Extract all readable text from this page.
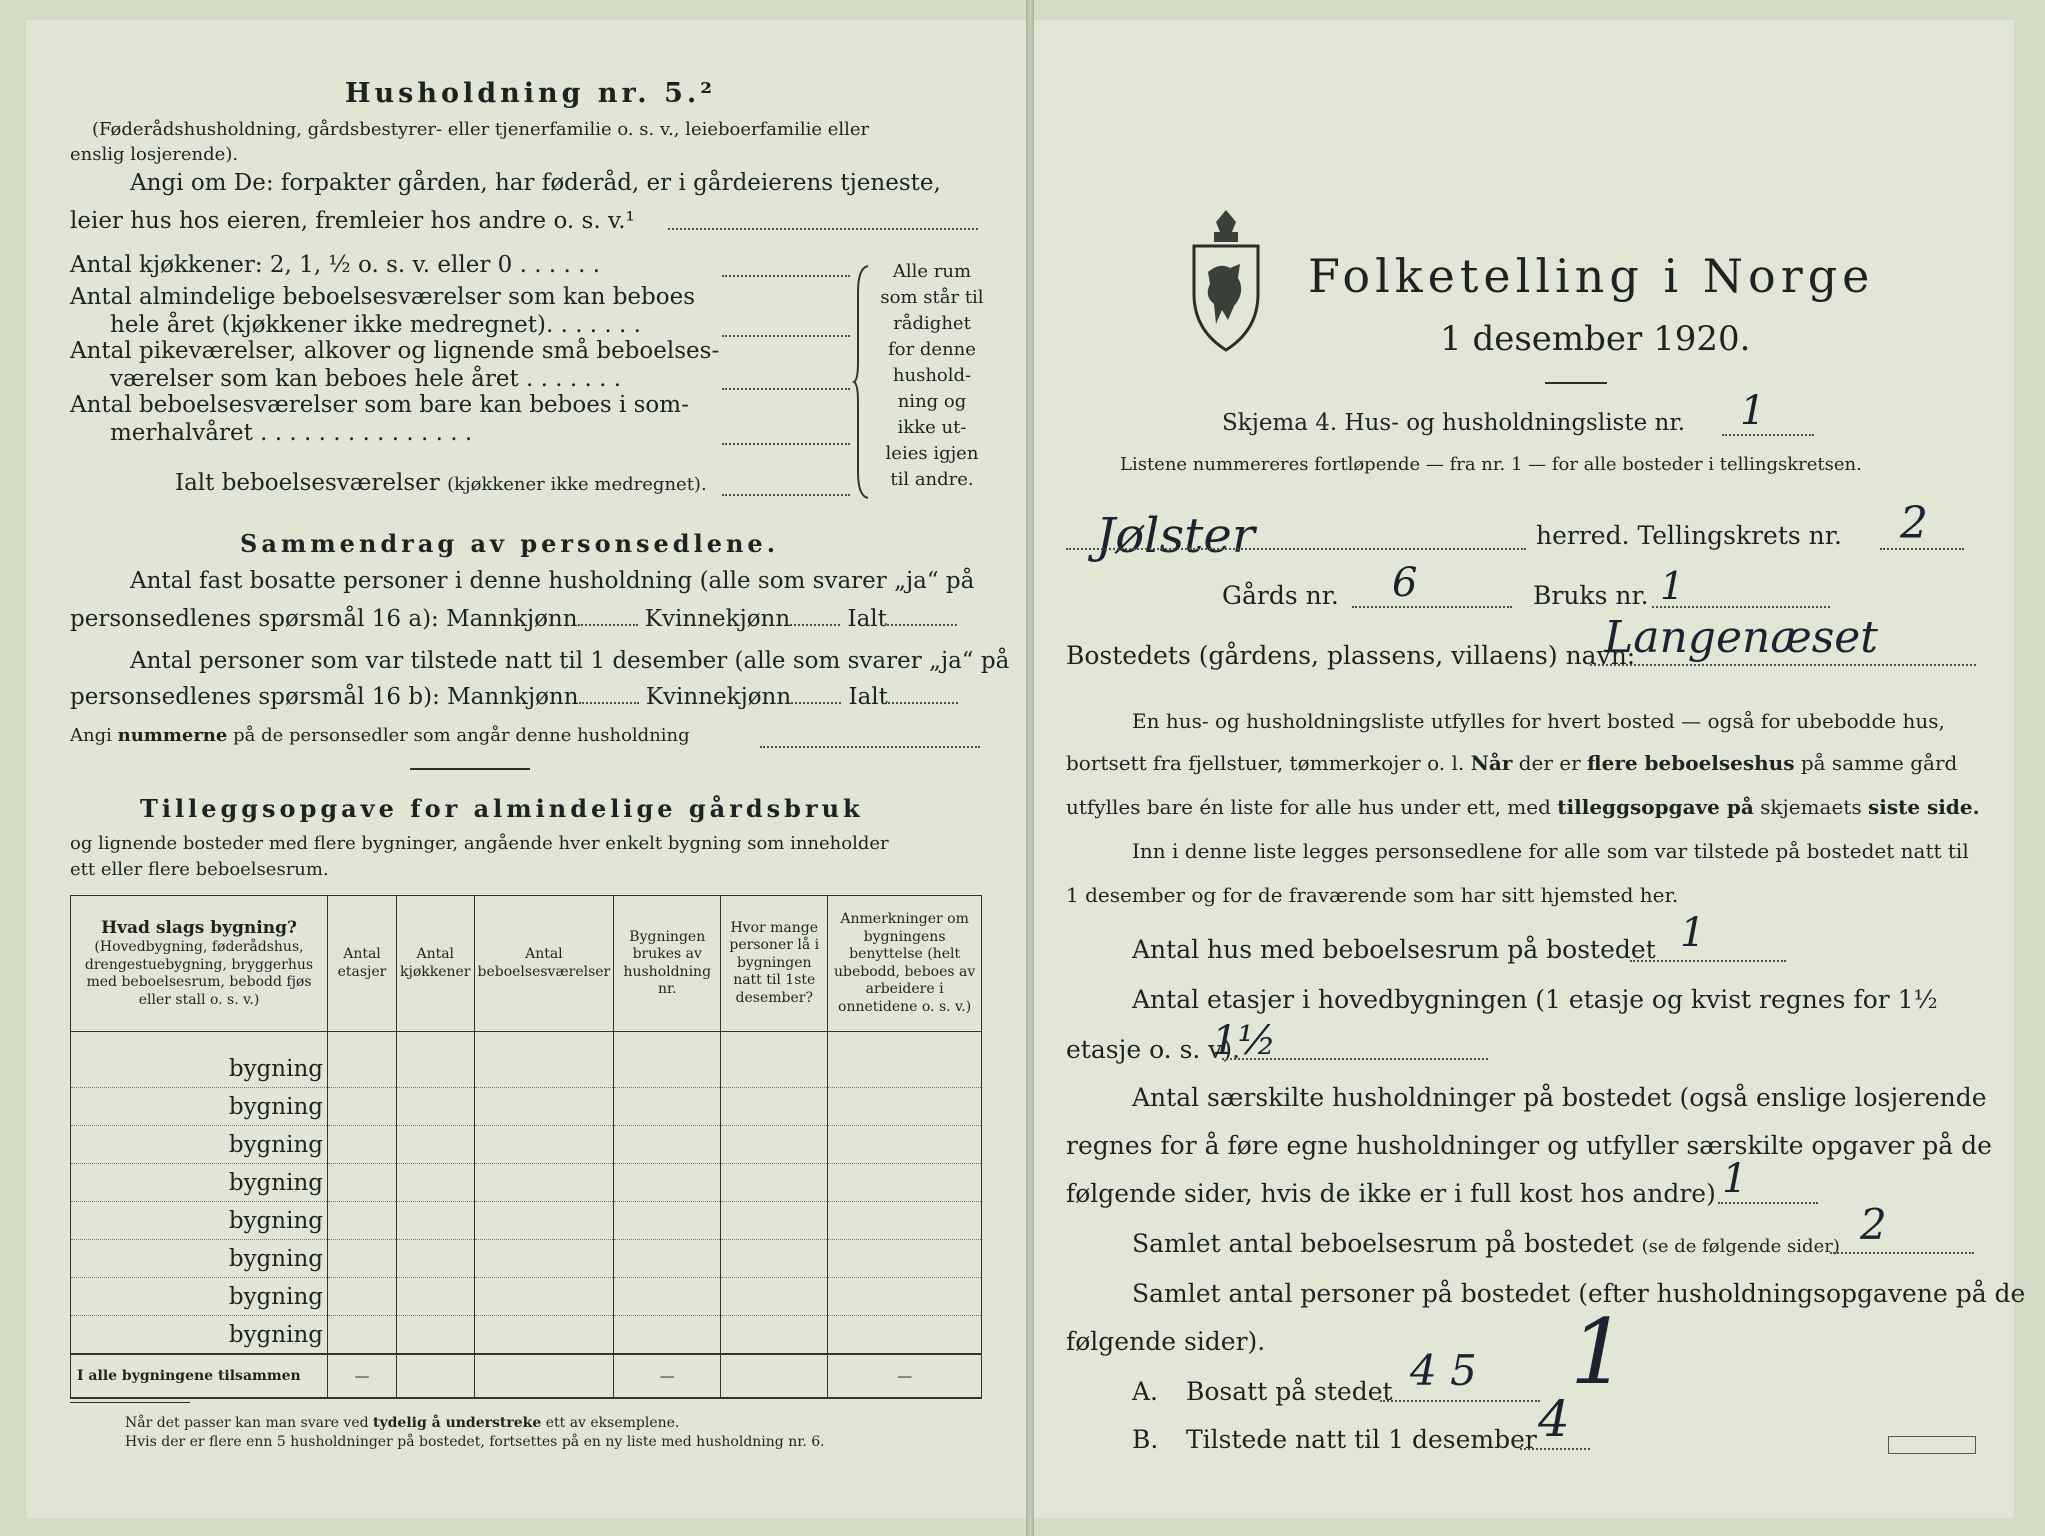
Husholdning nr. 5.²
(Føderådshusholdning, gårdsbestyrer- eller tjenerfamilie o. s. v., leieboerfamilie eller
enslig losjerende).
Angi om De: forpakter gården, har føderåd, er i gårdeierens tjeneste,
leier hus hos eieren, fremleier hos andre o. s. v.¹
Antal kjøkkener: 2, 1, ½ o. s. v. eller 0 . . . . . .
Antal almindelige beboelsesværelser som kan beboes
hele året (kjøkkener ikke medregnet). . . . . . .
Antal pikeværelser, alkover og lignende små beboelses-
værelser som kan beboes hele året . . . . . . .
Antal beboelsesværelser som bare kan beboes i som-
merhalvåret . . . . . . . . . . . . . . .
Ialt beboelsesværelser (kjøkkener ikke medregnet).
Alle rum
som står til
rådighet
for denne
hushold-
ning og
ikke ut-
leies igjen
til andre.
Sammendrag av personsedlene.
Antal fast bosatte personer i denne husholdning (alle som svarer „ja“ på
personsedlenes spørsmål 16 a): Mannkjønn	Kvinnekjønn Ialt
Antal personer som var tilstede natt til 1 desember (alle som svarer „ja“ på
personsedlenes spørsmål 16 b): Mannkjønn	Kvinnekjønn Ialt
Angi nummerne på de personsedler som angår denne husholdning
Tilleggsopgave for almindelige gårdsbruk
og lignende bosteder med flere bygninger, angående hver enkelt bygning som inneholder
ett eller flere beboelsesrum.
Hvad slags bygning?
(Hovedbygning, føderådshus, drengestuebygning, bryggerhus med beboelsesrum, bebodd fjøs eller stall o. s. v.)	Antal etasjer	Antal kjøkkener	Antal beboelsesværelser	Bygningen brukes av husholdning nr.	Hvor mange personer lå i bygningen natt til 1ste desember?	Anmerkninger om bygningens benyttelse (helt ubebodd, beboes av arbeidere i onnetidene o. s. v.)

bygning						
bygning						
bygning						
bygning						
bygning						
bygning						
bygning						
bygning						
I alle bygningene tilsammen	—			—		—
Når det passer kan man svare ved tydelig å understreke ett av eksemplene.
Hvis der er flere enn 5 husholdninger på bostedet, fortsettes på en ny liste med husholdning nr. 6.
Folketelling i Norge
1 desember 1920.
Skjema 4. Hus- og husholdningsliste nr. 1
Listene nummereres fortløpende — fra nr. 1 — for alle bosteder i tellingskretsen.
Jølster	herred. Tellingskrets nr. 2
Gårds nr. 6	Bruks nr. 1
Bostedets (gårdens, plassens, villaens) navn:
Langenæset
En hus- og husholdningsliste utfylles for hvert bosted — også for ubebodde hus,
bortsett fra fjellstuer, tømmerkojer o. l. Når der er flere beboelseshus på samme gård
utfylles bare én liste for alle hus under ett, med tilleggsopgave på skjemaets siste side.
Inn i denne liste legges personsedlene for alle som var tilstede på bostedet natt til
1 desember og for de fraværende som har sitt hjemsted her.
Antal hus med beboelsesrum på bostedet 1
Antal etasjer i hovedbygningen (1 etasje og kvist regnes for 1½
etasje o. s. v).
1½
Antal særskilte husholdninger på bostedet (også enslige losjerende
regnes for å føre egne husholdninger og utfyller særskilte opgaver på de
følgende sider, hvis de ikke er i full kost hos andre) 1
Samlet antal beboelsesrum på bostedet (se de følgende sider) 2
Samlet antal personer på bostedet (efter husholdningsopgavene på de
følgende sider).
A. Bosatt på stedet 4 5
B. Tilstede natt til 1 desember 4
1
